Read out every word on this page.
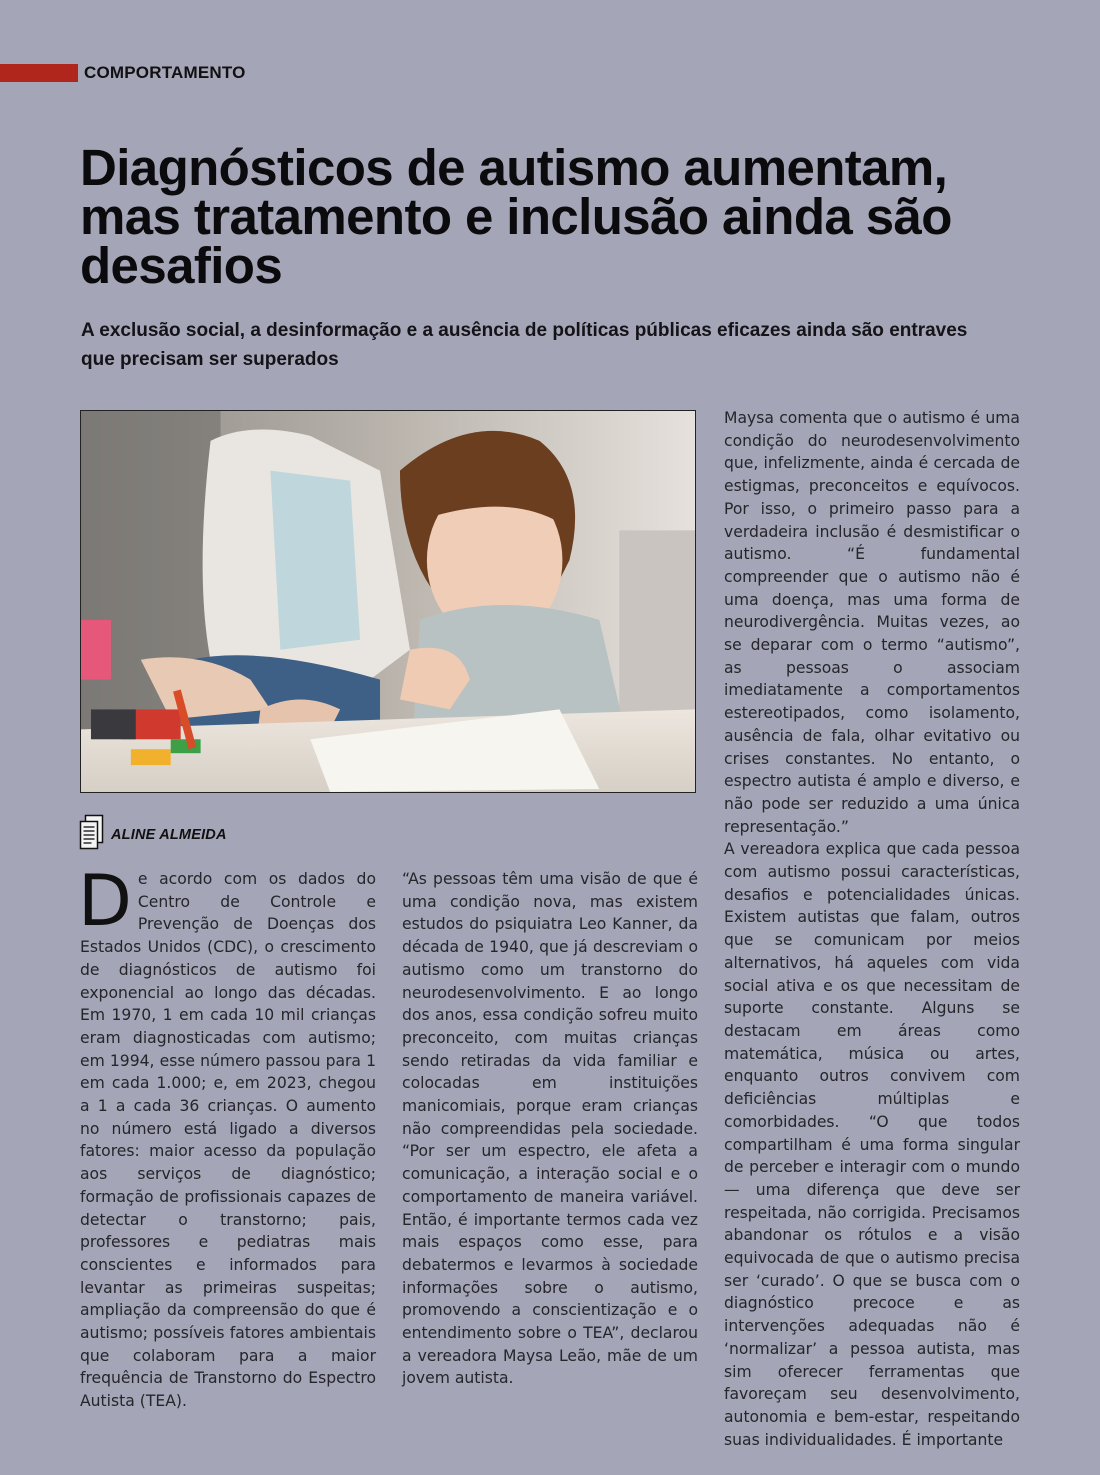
COMPORTAMENTO
Diagnósticos de autismo aumentam, mas tratamento e inclusão ainda são desafios

A exclusão social, a desinformação e a ausência de políticas públicas eficazes ainda são entraves que precisam ser superados

ALINE ALMEIDA

De acordo com os dados do Centro de Controle e Prevenção de Doenças dos Estados Unidos (CDC), o crescimento de diagnósticos de autismo foi exponencial ao longo das décadas. Em 1970, 1 em cada 10 mil crianças eram diagnosticadas com autismo; em 1994, esse número passou para 1 em cada 1.000; e, em 2023, chegou a 1 a cada 36 crianças. O aumento no número está ligado a diversos fatores: maior acesso da população aos serviços de diagnóstico; formação de profissionais capazes de detectar o transtorno; pais, professores e pediatras mais conscientes e informados para levantar as primeiras suspeitas; ampliação da compreensão do que é autismo; possíveis fatores ambientais que colaboram para a maior frequência de Transtorno do Espectro Autista (TEA).

“As pessoas têm uma visão de que é uma condição nova, mas existem estudos do psiquiatra Leo Kanner, da década de 1940, que já descreviam o autismo como um transtorno do neurodesenvolvimento. E ao longo dos anos, essa condição sofreu muito preconceito, com muitas crianças sendo retiradas da vida familiar e colocadas em instituições manicomiais, porque eram crianças não compreendidas pela sociedade. “Por ser um espectro, ele afeta a comunicação, a interação social e o comportamento de maneira variável. Então, é importante termos cada vez mais espaços como esse, para debatermos e levarmos à sociedade informações sobre o autismo, promovendo a conscientização e o entendimento sobre o TEA”, declarou a vereadora Maysa Leão, mãe de um jovem autista.

Maysa comenta que o autismo é uma condição do neurodesenvolvimento que, infelizmente, ainda é cercada de estigmas, preconceitos e equívocos. Por isso, o primeiro passo para a verdadeira inclusão é desmistificar o autismo. “É fundamental compreender que o autismo não é uma doença, mas uma forma de neurodivergência. Muitas vezes, ao se deparar com o termo “autismo”, as pessoas o associam imediatamente a comportamentos estereotipados, como isolamento, ausência de fala, olhar evitativo ou crises constantes. No entanto, o espectro autista é amplo e diverso, e não pode ser reduzido a uma única representação.”

A vereadora explica que cada pessoa com autismo possui características, desafios e potencialidades únicas. Existem autistas que falam, outros que se comunicam por meios alternativos, há aqueles com vida social ativa e os que necessitam de suporte constante. Alguns se destacam em áreas como matemática, música ou artes, enquanto outros convivem com deficiências múltiplas e comorbidades. “O que todos compartilham é uma forma singular de perceber e interagir com o mundo — uma diferença que deve ser respeitada, não corrigida. Precisamos abandonar os rótulos e a visão equivocada de que o autismo precisa ser ‘curado’. O que se busca com o diagnóstico precoce e as intervenções adequadas não é ‘normalizar’ a pessoa autista, mas sim oferecer ferramentas que favoreçam seu desenvolvimento, autonomia e bem-estar, respeitando suas individualidades. É importante
